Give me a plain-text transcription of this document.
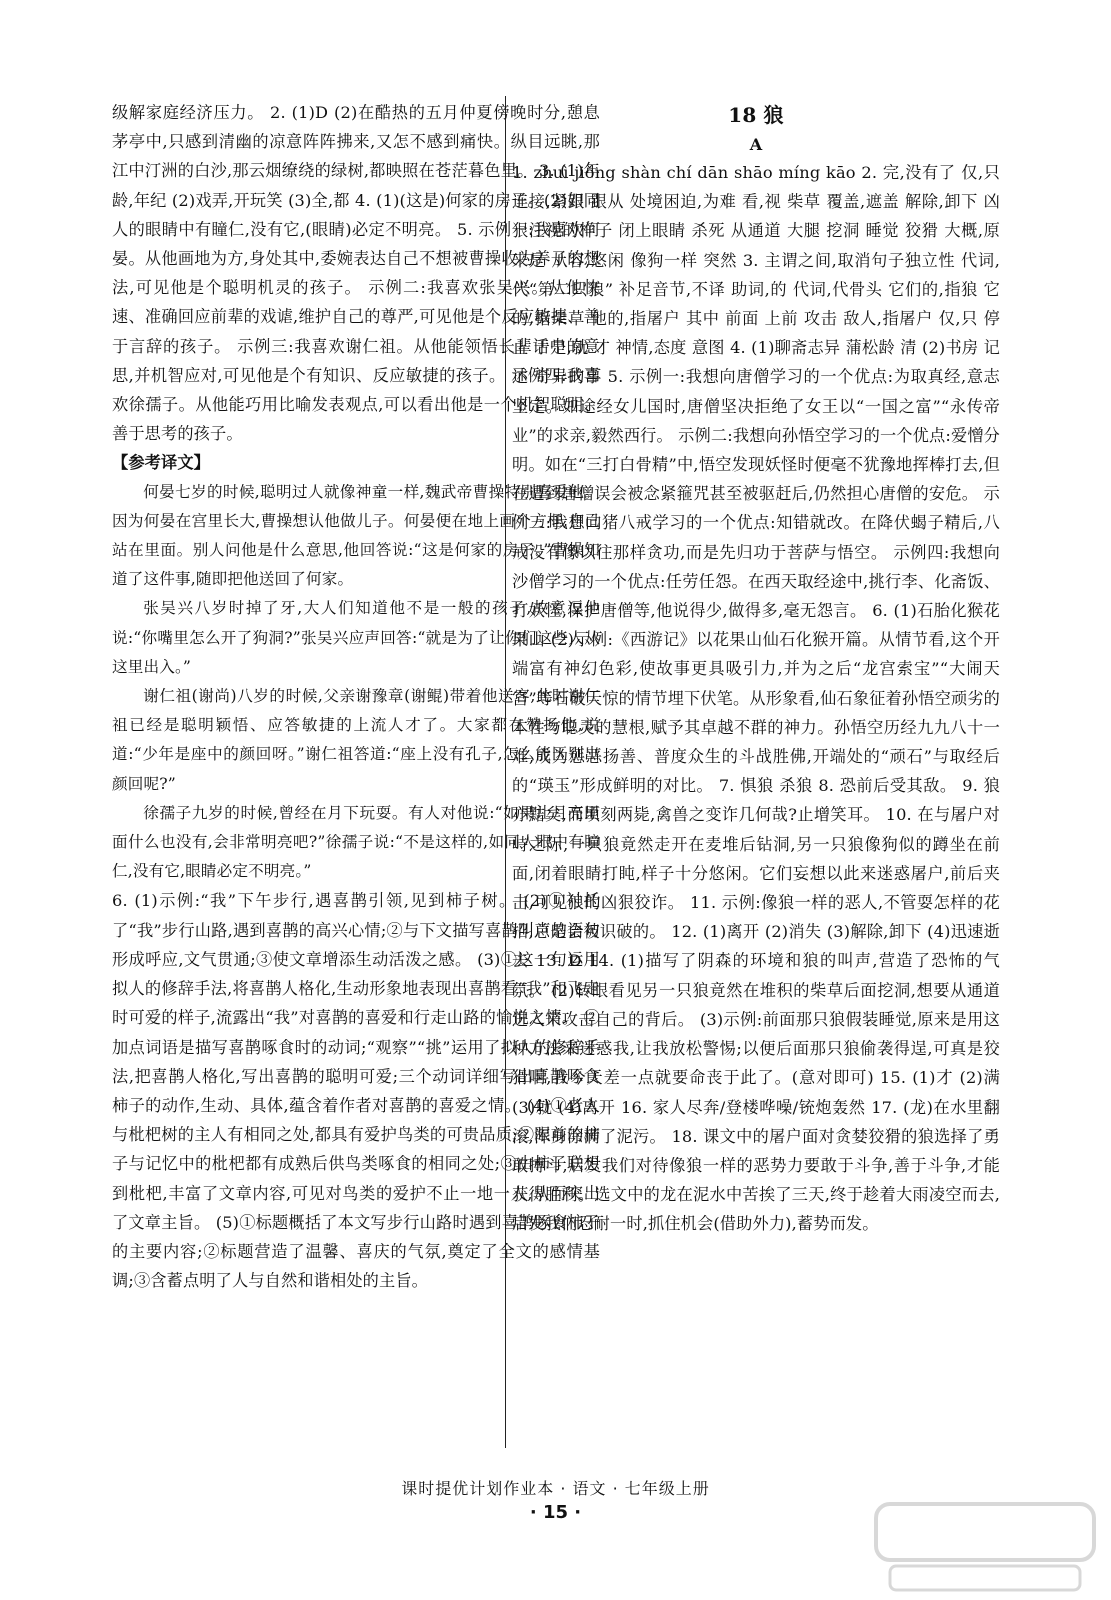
级解家庭经济压力。 2. (1)D (2)在酷热的五月仲夏傍晚时分,憩息茅亭中,只感到清幽的凉意阵阵拂来,又怎不感到痛快。纵目远眺,那江中汀洲的白沙,那云烟缭绕的绿树,都映照在苍茫暮色里。 3. (1)年龄,年纪 (2)戏弄,开玩笑 (3)全,都 4. (1)(这是)何家的房子。(2)如同人的眼睛中有瞳仁,没有它,(眼睛)必定不明亮。 5. 示例一:我喜欢何晏。从他画地为方,身处其中,委婉表达自己不想被曹操收为养子的想法,可见他是个聪明机灵的孩子。 示例二:我喜欢张吴兴。从他快速、准确回应前辈的戏谑,维护自己的尊严,可见他是个反应敏捷、善于言辞的孩子。 示例三:我喜欢谢仁祖。从他能领悟长辈话中的意思,并机智应对,可见他是个有知识、反应敏捷的孩子。 示例四:我喜欢徐孺子。从他能巧用比喻发表观点,可以看出他是一个机智聪明、善于思考的孩子。

【参考译文】

何晏七岁的时候,聪明过人就像神童一样,魏武帝曹操特别喜爱他。因为何晏在宫里长大,曹操想认他做儿子。何晏便在地上画个方框,自己站在里面。别人问他是什么意思,他回答说:“这是何家的房子。”曹操知道了这件事,随即把他送回了何家。

张吴兴八岁时掉了牙,大人们知道他不是一般的孩子,故意逗他说:“你嘴里怎么开了狗洞?”张吴兴应声回答:“就是为了让你们这些人从这里出入。”

谢仁祖(谢尚)八岁的时候,父亲谢豫章(谢鲲)带着他送客,此时谢仁祖已经是聪明颖悟、应答敏捷的上流人才了。大家都在赞扬他,说道:“少年是座中的颜回呀。”谢仁祖答道:“座上没有孔子,怎么能区别出颜回呢?”

徐孺子九岁的时候,曾经在月下玩耍。有人对他说:“如果让月亮里面什么也没有,会非常明亮吧?”徐孺子说:“不是这样的,如同人眼中有瞳仁,没有它,眼睛必定不明亮。”

6. (1)示例:“我”下午步行,遇喜鹊引领,见到柿子树。 (2)①衬托了“我”步行山路,遇到喜鹊的高兴心情;②与下文描写喜鹊叫声的语句形成呼应,文气贯通;③使文章增添生动活泼之感。 (3)①这一句运用拟人的修辞手法,将喜鹊人格化,生动形象地表现出喜鹊看“我”和飞走时可爱的样子,流露出“我”对喜鹊的喜爱和行走山路的愉悦之情。 ②加点词语是描写喜鹊啄食时的动词;“观察”“挑”运用了拟人的修辞手法,把喜鹊人格化,写出喜鹊的聪明可爱;三个动词详细写出喜鹊啄食柿子的动作,生动、具体,蕴含着作者对喜鹊的喜爱之情。 (4)①老人与枇杷树的主人有相同之处,都具有爱护鸟类的可贵品质;②眼前的柿子与记忆中的枇杷都有成熟后供鸟类啄食的相同之处;③由柿子联想到枇杷,丰富了文章内容,可见对鸟类的爱护不止一地一人,从而突出了文章主旨。 (5)①标题概括了本文写步行山路时遇到喜鹊啄食柿子的主要内容;②标题营造了温馨、喜庆的气氛,奠定了全文的感情基调;③含蓄点明了人与自然和谐相处的主旨。

18 狼

A

1. zhuì jiǒng shàn chí dān shāo míng kāo 2. 完,没有了 仅,只 连接,紧跟 跟从 处境困迫,为难 看,视 柴草 覆盖,遮盖 解除,卸下 凶狠注视的样子 闭上眼睛 杀死 从通道 大腿 挖洞 睡觉 狡猾 大概,原来是 从容,悠闲 像狗一样 突然 3. 主谓之间,取消句子独立性 代词,代“第二只狼” 补足音节,不译 助词,的 代词,代骨头 它们的,指狼 它的,指柴草 他的,指屠户 其中 前面 上前 攻击 敌人,指屠户 仅,只 停止 于是,就 才 神情,态度 意图 4. (1)聊斋志异 蒲松龄 清 (2)书房 记述 奇异的事 5. 示例一:我想向唐僧学习的一个优点:为取真经,意志坚定。如途经女儿国时,唐僧坚决拒绝了女王以“一国之富”“永传帝业”的求亲,毅然西行。 示例二:我想向孙悟空学习的一个优点:爱憎分明。如在“三打白骨精”中,悟空发现妖怪时便毫不犹豫地挥棒打去,但在遭到唐僧误会被念紧箍咒甚至被驱赶后,仍然担心唐僧的安危。 示例三:我想向猪八戒学习的一个优点:知错就改。在降伏蝎子精后,八戒没有像以往那样贪功,而是先归功于菩萨与悟空。 示例四:我想向沙僧学习的一个优点:任劳任怨。在西天取经途中,挑行李、化斋饭、打妖怪,保护唐僧等,他说得少,做得多,毫无怨言。 6. (1)石胎化猴花果山 (2)示例:《西游记》以花果山仙石化猴开篇。从情节看,这个开端富有神幻色彩,使故事更具吸引力,并为之后“龙宫索宝”“大闹天宫”等石破天惊的情节埋下伏笔。从形象看,仙石象征着孙悟空顽劣的本性与聪灵的慧根,赋予其卓越不群的神力。孙悟空历经九九八十一难,成为惩恶扬善、普度众生的斗战胜佛,开端处的“顽石”与取经后的“瑛玉”形成鲜明的对比。 7. 惧狼 杀狼 8. 恐前后受其敌。 9. 狼亦黠矣,而顷刻两毙,禽兽之变诈几何哉?止增笑耳。 10. 在与屠户对峙之际,一只狼竟然走开在麦堆后钻洞,另一只狼像狗似的蹲坐在前面,闭着眼睛打盹,样子十分悠闲。它们妄想以此来迷惑屠户,前后夹击,可见狼的凶狠狡诈。 11. 示例:像狼一样的恶人,不管耍怎样的花招,总是会被识破的。 12. (1)离开 (2)消失 (3)解除,卸下 (4)迅速逝去 13. D 14. (1)描写了阴森的环境和狼的叫声,营造了恐怖的气氛。 (2)转眼看见另一只狼竟然在堆积的柴草后面挖洞,想要从通道进入来攻击自己的背后。 (3)示例:前面那只狼假装睡觉,原来是用这种方法来迷惑我,让我放松警惕;以便后面那只狼偷袭得逞,可真是狡猾啊,我今天差一点就要命丧于此了。(意对即可) 15. (1)才 (2)满 (3)就 (4)离开 16. 家人尽奔/登楼哗噪/铳炮轰然 17. (龙)在水里翻滚,浑身涂满了泥污。 18. 课文中的屠户面对贪婪狡猾的狼选择了勇敢搏斗,启发我们对待像狼一样的恶势力要敢于斗争,善于斗争,才能获得胜利。选文中的龙在泥水中苦挨了三天,终于趁着大雨凌空而去,启发我们忍耐一时,抓住机会(借助外力),蓄势而发。

课时提优计划作业本 · 语文 · 七年级上册
· 15 ·
